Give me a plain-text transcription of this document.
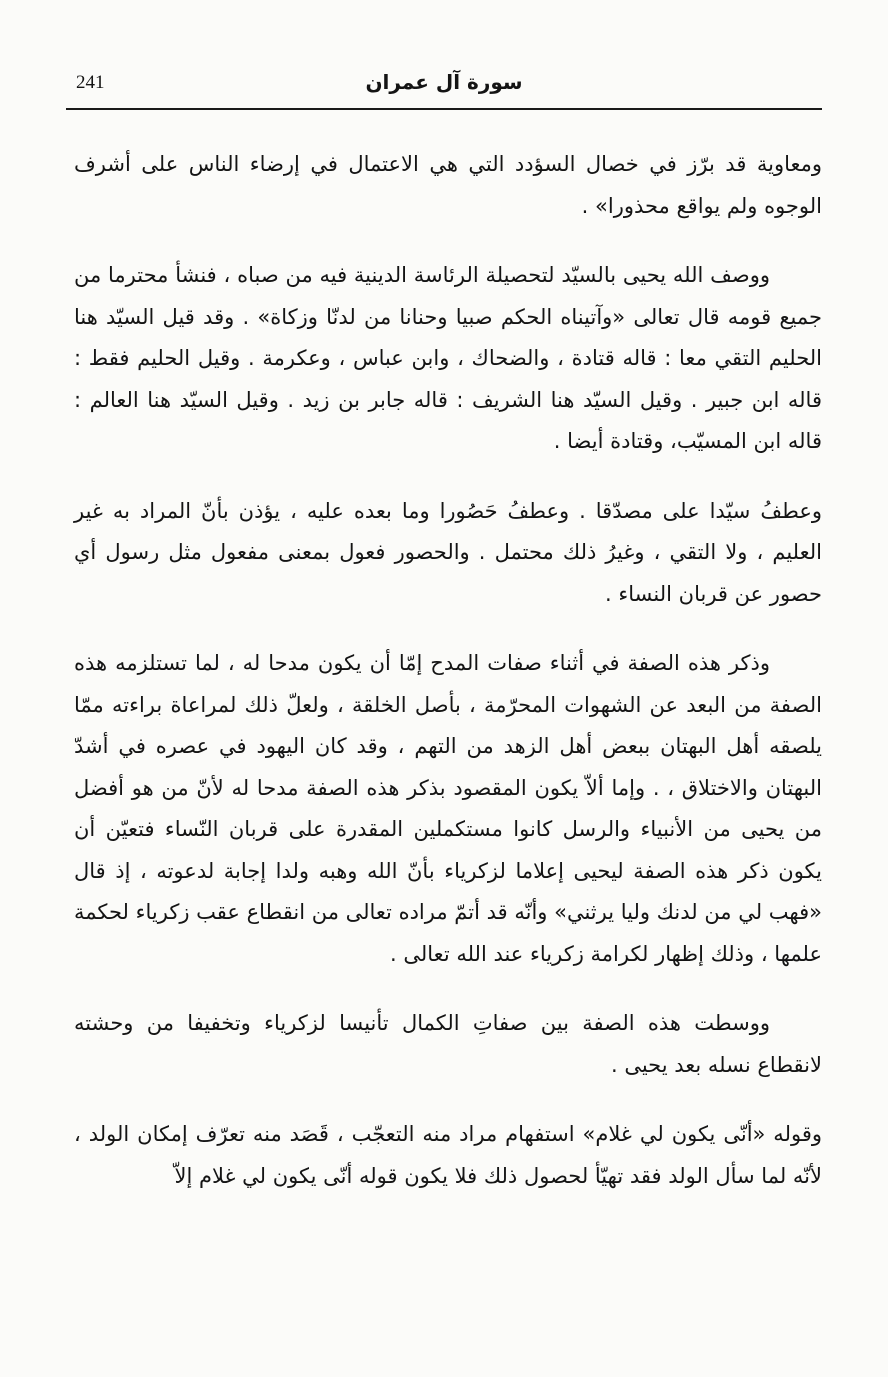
241	سورة آل عمران

ومعاوية قد برّز في خصال السؤدد التي هي الاعتمال في إرضاء الناس على أشرف الوجوه ولم يواقع محذورا» .

ووصف الله يحيى بالسيّد لتحصيلة الرئاسة الدينية فيه من صباه ، فنشأ محترما من جميع قومه قال تعالى «وآتيناه الحكم صبيا وحنانا من لدنّا وزكاة» . وقد قيل السيّد هنا الحليم التقي معا : قاله قتادة ، والضحاك ، وابن عباس ، وعكرمة . وقيل الحليم فقط : قاله ابن جبير . وقيل السيّد هنا الشريف : قاله جابر بن زيد . وقيل السيّد هنا العالم : قاله ابن المسيّب، وقتادة أيضا .

وعطفُ سيّدا على مصدّقا . وعطفُ حَصُورا وما بعده عليه ، يؤذن بأنّ المراد به غير العليم ، ولا التقي ، وغيرُ ذلك محتمل . والحصور فعول بمعنى مفعول مثل رسول أي حصور عن قربان النساء .

وذكر هذه الصفة في أثناء صفات المدح إمّا أن يكون مدحا له ، لما تستلزمه هذه الصفة من البعد عن الشهوات المحرّمة ، بأصل الخلقة ، ولعلّ ذلك لمراعاة براءته ممّا يلصقه أهل البهتان ببعض أهل الزهد من التهم ، وقد كان اليهود في عصره في أشدّ البهتان والاختلاق ، . وإما ألاّ يكون المقصود بذكر هذه الصفة مدحا له لأنّ من هو أفضل من يحيى من الأنبياء والرسل كانوا مستكملين المقدرة على قربان النّساء فتعيّن أن يكون ذكر هذه الصفة ليحيى إعلاما لزكرياء بأنّ الله وهبه ولدا إجابة لدعوته ، إذ قال «فهب لي من لدنك وليا يرثني» وأنّه قد أتمّ مراده تعالى من انقطاع عقب زكرياء لحكمة علمها ، وذلك إظهار لكرامة زكرياء عند الله تعالى .

ووسطت هذه الصفة بين صفاتِ الكمال تأنيسا لزكرياء وتخفيفا من وحشته لانقطاع نسله بعد يحيى .

وقوله «أنّى يكون لي غلام» استفهام مراد منه التعجّب ، قَصَد منه تعرّف إمكان الولد ، لأنّه لما سأل الولد فقد تهيّأ لحصول ذلك فلا يكون قوله أنّى يكون لي غلام إلاّ
